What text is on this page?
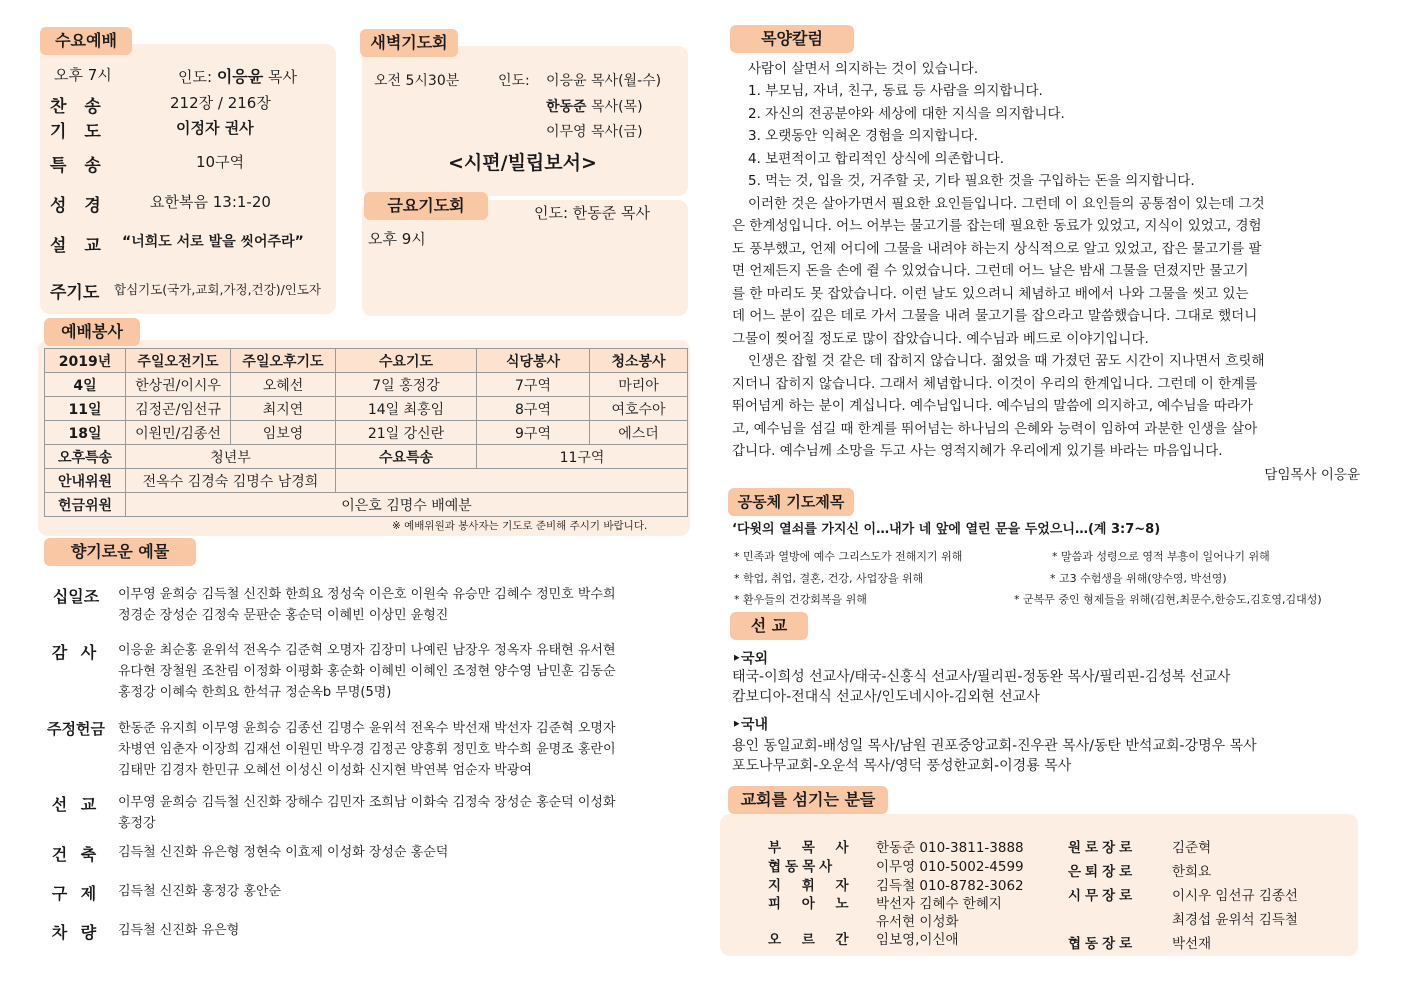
수요예배
오후 7시	인도: 이응윤 목사
찬 송	212장 / 216장
기 도	이정자 권사
특 송	10구역
성 경	요한복음 13:1-20
설 교 “너희도 서로 발을 씻어주라”
주기도 합심기도(국가,교회,가정,건강)/인도자
새벽기도회
오전 5시30분	인도: 이응윤 목사(월-수)
한동준 목사(목)
이무영 목사(금)
<시편/빌립보서>
금요기도회	인도: 한동준 목사
오후 9시
예배봉사
2019년	주일오전기도	주일오후기도	수요기도	식당봉사	청소봉사
4일	한상권/이시우	오혜선	7일 홍정강	7구역	마리아
11일	김정곤/임선규	최지연	14일 최홍임	8구역	여호수아
18일	이원민/김종선	임보영	21일 강신란	9구역	에스더
오후특송	청년부		수요특송	11구역	
안내위원	전옥수 김경숙 김명수 남경희				
헌금위원	이은호 김명수 배예분				
※ 예배위원과 봉사자는 기도로 준비해 주시기 바랍니다.
향기로운 예물
십일조	이무영 윤희승 김득철 신진화 한희요 정성숙 이은호 이원숙 유승만 김혜수 정민호 박수희
정경순 장성순 김정숙 문판순 홍순덕 이혜빈 이상민 윤형진
감 사	이응윤 최순홍 윤위석 전옥수 김준혁 오명자 김장미 나예린 남장우 정옥자 유태현 유서현
유다현 장철원 조찬림 이정화 이평화 홍순화 이혜빈 이혜인 조정현 양수영 남민훈 김동순
홍정강 이혜숙 한희요 한석규 정순옥b 무명(5명)
주정헌금 한동준 유지희 이무영 윤희승 김종선 김명수 윤위석 전옥수 박선재 박선자 김준혁 오명자
차병연 임춘자 이장희 김재선 이원민 박우경 김정곤 양흥휘 정민호 박수희 윤명조 홍란이
김태만 김경자 한민규 오혜선 이성신 이성화 신지현 박연복 엄순자 박광여
선 교	이무영 윤희승 김득철 신진화 장해수 김민자 조희남 이화숙 김정숙 장성순 홍순덕 이성화
홍정강
건 축	김득철 신진화 유은형 정현숙 이효제 이성화 장성순 홍순덕
구 제	김득철 신진화 홍정강 홍안순
차 량	김득철 신진화 유은형
목양칼럼
사람이 살면서 의지하는 것이 있습니다.
1. 부모님, 자녀, 친구, 동료 등 사람을 의지합니다.
2. 자신의 전공분야와 세상에 대한 지식을 의지합니다.
3. 오랫동안 익혀온 경험을 의지합니다.
4. 보편적이고 합리적인 상식에 의존합니다.
5. 먹는 것, 입을 것, 거주할 곳, 기타 필요한 것을 구입하는 돈을 의지합니다.
이러한 것은 살아가면서 필요한 요인들입니다. 그런데 이 요인들의 공통점이 있는데 그것
은 한계성입니다. 어느 어부는 물고기를 잡는데 필요한 동료가 있었고, 지식이 있었고, 경험
도 풍부했고, 언제 어디에 그물을 내려야 하는지 상식적으로 알고 있었고, 잡은 물고기를 팔
면 언제든지 돈을 손에 쥘 수 있었습니다. 그런데 어느 날은 밤새 그물을 던졌지만 물고기
를 한 마리도 못 잡았습니다. 이런 날도 있으려니 체념하고 배에서 나와 그물을 씻고 있는
데 어느 분이 깊은 데로 가서 그물을 내려 물고기를 잡으라고 말씀했습니다. 그대로 했더니
그물이 찢어질 정도로 많이 잡았습니다. 예수님과 베드로 이야기입니다.
인생은 잡힐 것 같은 데 잡히지 않습니다. 젊었을 때 가졌던 꿈도 시간이 지나면서 흐릿해
지더니 잡히지 않습니다. 그래서 체념합니다. 이것이 우리의 한계입니다. 그런데 이 한계를
뛰어넘게 하는 분이 계십니다. 예수님입니다. 예수님의 말씀에 의지하고, 예수님을 따라가
고, 예수님을 섬길 때 한계를 뛰어넘는 하나님의 은혜와 능력이 임하여 과분한 인생을 살아
갑니다. 예수님께 소망을 두고 사는 영적지혜가 우리에게 있기를 바라는 마음입니다.
담임목사 이응윤
공동체 기도제목
‘다윗의 열쇠를 가지신 이…내가 네 앞에 열린 문을 두었으니…(계 3:7~8)
* 민족과 열방에 예수 그리스도가 전해지기 위해	* 말씀과 성령으로 영적 부흥이 일어나기 위해
* 학업, 취업, 결혼, 건강, 사업장을 위해	* 고3 수험생을 위해(양수영, 박선영)
* 환우들의 건강회복을 위해	* 군복무 중인 형제들을 위해(김현,최문수,한승도,김호영,김대성)
선 교
‣국외
태국-이희성 선교사/태국-신홍식 선교사/필리핀-정동완 목사/필리핀-김성복 선교사
캄보디아-전대식 선교사/인도네시아-김외현 선교사
‣국내
용인 동일교회-배성일 목사/남원 권포중앙교회-진우관 목사/동탄 반석교회-강명우 목사
포도나무교회-오운석 목사/영덕 풍성한교회-이경룡 목사
교회를 섬기는 분들
부 목 사 한동준 010-3811-3888
협동목사	이무영 010-5002-4599
지 휘 자 김득철 010-8782-3062
피 아 노 박선자 김혜수 한혜지
유서현 이성화
오 르 간 임보영,이신애
원로장로	김준혁
은퇴장로	한희요
시무장로	이시우 임선규 김종선
최경섭 윤위석 김득철
협동장로	박선재
